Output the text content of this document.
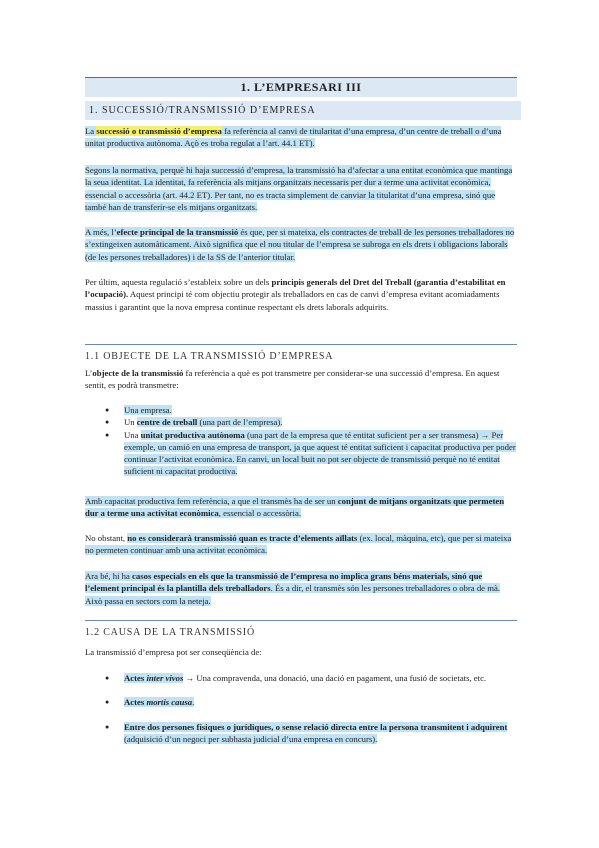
1. L’EMPRESARI III
1. SUCCESSIÓ/TRANSMISSIÓ D’EMPRESA

La successió o transmissió d’empresa fa referència al canvi de titularitat d’una empresa, d’un centre de treball o d’una unitat productiva autònoma. Açò es troba regulat a l’art. 44.1 ET).

Segons la normativa, perquè hi haja successió d’empresa, la transmissió ha d’afectar a una entitat econòmica que mantinga la seua identitat. La identitat, fa referència als mitjans organitzats necessaris per dur a terme una activitat econòmica, essencial o accessòria (art. 44.2 ET). Per tant, no es tracta simplement de canviar la titularitat d’una empresa, sinó que també han de transferir-se els mitjans organitzats.

A més, l’efecte principal de la transmissió és que, per si mateixa, els contractes de treball de les persones treballadores no s’extingeixen automàticament. Això significa que el nou titular de l’empresa se subroga en els drets i obligacions laborals (de les persones treballadores) i de la SS de l’anterior titular.

Per últim, aquesta regulació s’estableix sobre un dels principis generals del Dret del Treball (garantia d’estabilitat en l’ocupació). Aquest principi té com objectiu protegir als treballadors en cas de canvi d’empresa evitant acomiadaments massius i garantint que la nova empresa continue respectant els drets laborals adquirits.

1.1 OBJECTE DE LA TRANSMISSIÓ D’EMPRESA

L’objecte de la transmissió fa referència a què es pot transmetre per considerar-se una successió d’empresa. En aquest sentit, es podrà transmetre:

● Una empresa.
● Un centre de treball (una part de l’empresa).
● Una unitat productiva autònoma (una part de la empresa que té entitat suficient per a ser transmesa) → Per exemple, un camió en una empresa de transport, ja que aquest té entitat suficient i capacitat productiva per poder continuar l’activitat econòmica. En canvi, un local buit no pot ser objecte de transmissió perquè no té entitat suficient ni capacitat productiva.

Amb capacitat productiva fem referència, a que el transmès ha de ser un conjunt de mitjans organitzats que permeten dur a terme una activitat econòmica, essencial o accessòria.

No obstant, no es considerarà transmissió quan es tracte d’elements aïllats (ex. local, màquina, etc), que per si mateixa no permeten continuar amb una activitat econòmica.

Ara bé, hi ha casos especials en els que la transmissió de l’empresa no implica grans béns materials, sinó que l’element principal és la plantilla dels treballadors. És a dir, el transmès són les persones treballadores o obra de mà. Això passa en sectors com la neteja.

1.2 CAUSA DE LA TRANSMISSIÓ

La transmissió d’empresa pot ser conseqüència de:

● Actes inter vivos → Una compravenda, una donació, una dació en pagament, una fusió de societats, etc.
● Actes mortis causa.
● Entre dos persones físiques o jurídiques, o sense relació directa entre la persona transmitent i adquirent (adquisició d’un negoci per subhasta judicial d’una empresa en concurs).
